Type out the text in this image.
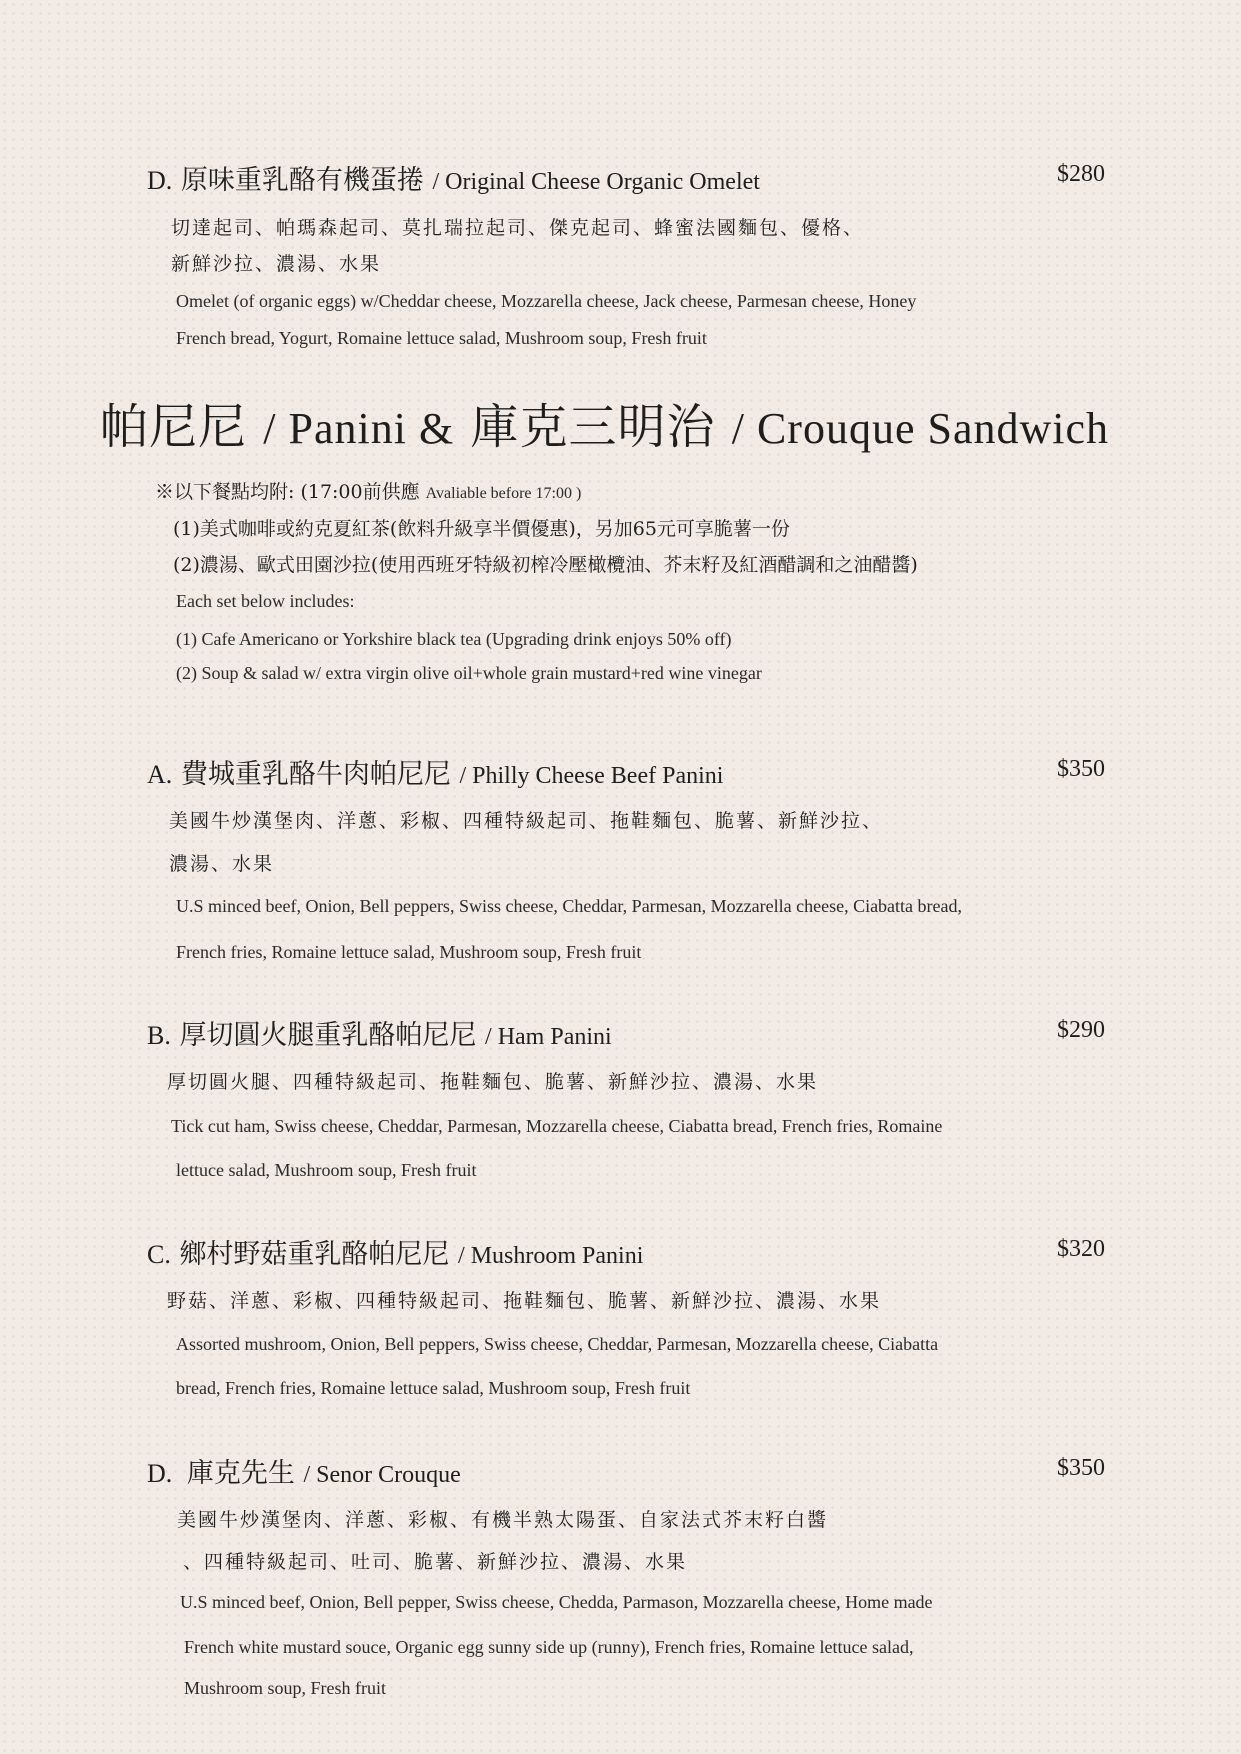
D. 原味重乳酪有機蛋捲 / Original Cheese Organic Omelet	$280
切達起司、帕瑪森起司、莫扎瑞拉起司、傑克起司、蜂蜜法國麵包、優格、
新鮮沙拉、濃湯、水果
Omelet (of organic eggs) w/Cheddar cheese, Mozzarella cheese, Jack cheese, Parmesan cheese, Honey
French bread, Yogurt, Romaine lettuce salad, Mushroom soup, Fresh fruit
帕尼尼 / Panini & 庫克三明治 / Crouque Sandwich
※以下餐點均附: (17:00前供應 Avaliable before 17:00 )
(1)美式咖啡或約克夏紅茶(飲料升級享半價優惠)，另加65元可享脆薯一份
(2)濃湯、歐式田園沙拉(使用西班牙特級初榨冷壓橄欖油、芥末籽及紅酒醋調和之油醋醬)
Each set below includes:
(1) Cafe Americano or Yorkshire black tea (Upgrading drink enjoys 50% off)
(2) Soup & salad w/ extra virgin olive oil+whole grain mustard+red wine vinegar
A. 費城重乳酪牛肉帕尼尼 / Philly Cheese Beef Panini	$350
美國牛炒漢堡肉、洋蔥、彩椒、四種特級起司、拖鞋麵包、脆薯、新鮮沙拉、
濃湯、水果
U.S minced beef, Onion, Bell peppers, Swiss cheese, Cheddar, Parmesan, Mozzarella cheese, Ciabatta bread,
French fries, Romaine lettuce salad, Mushroom soup, Fresh fruit
B. 厚切圓火腿重乳酪帕尼尼 / Ham Panini	$290
厚切圓火腿、四種特級起司、拖鞋麵包、脆薯、新鮮沙拉、濃湯、水果
Tick cut ham, Swiss cheese, Cheddar, Parmesan, Mozzarella cheese, Ciabatta bread, French fries, Romaine
lettuce salad, Mushroom soup, Fresh fruit
C. 鄉村野菇重乳酪帕尼尼 / Mushroom Panini	$320
野菇、洋蔥、彩椒、四種特級起司、拖鞋麵包、脆薯、新鮮沙拉、濃湯、水果
Assorted mushroom, Onion, Bell peppers, Swiss cheese, Cheddar, Parmesan, Mozzarella cheese, Ciabatta
bread, French fries, Romaine lettuce salad, Mushroom soup, Fresh fruit
D. 庫克先生 / Senor Crouque	$350
美國牛炒漢堡肉、洋蔥、彩椒、有機半熟太陽蛋、自家法式芥末籽白醬
、四種特級起司、吐司、脆薯、新鮮沙拉、濃湯、水果
U.S minced beef, Onion, Bell pepper, Swiss cheese, Chedda, Parmason, Mozzarella cheese, Home made
French white mustard souce, Organic egg sunny side up (runny), French fries, Romaine lettuce salad,
Mushroom soup, Fresh fruit
